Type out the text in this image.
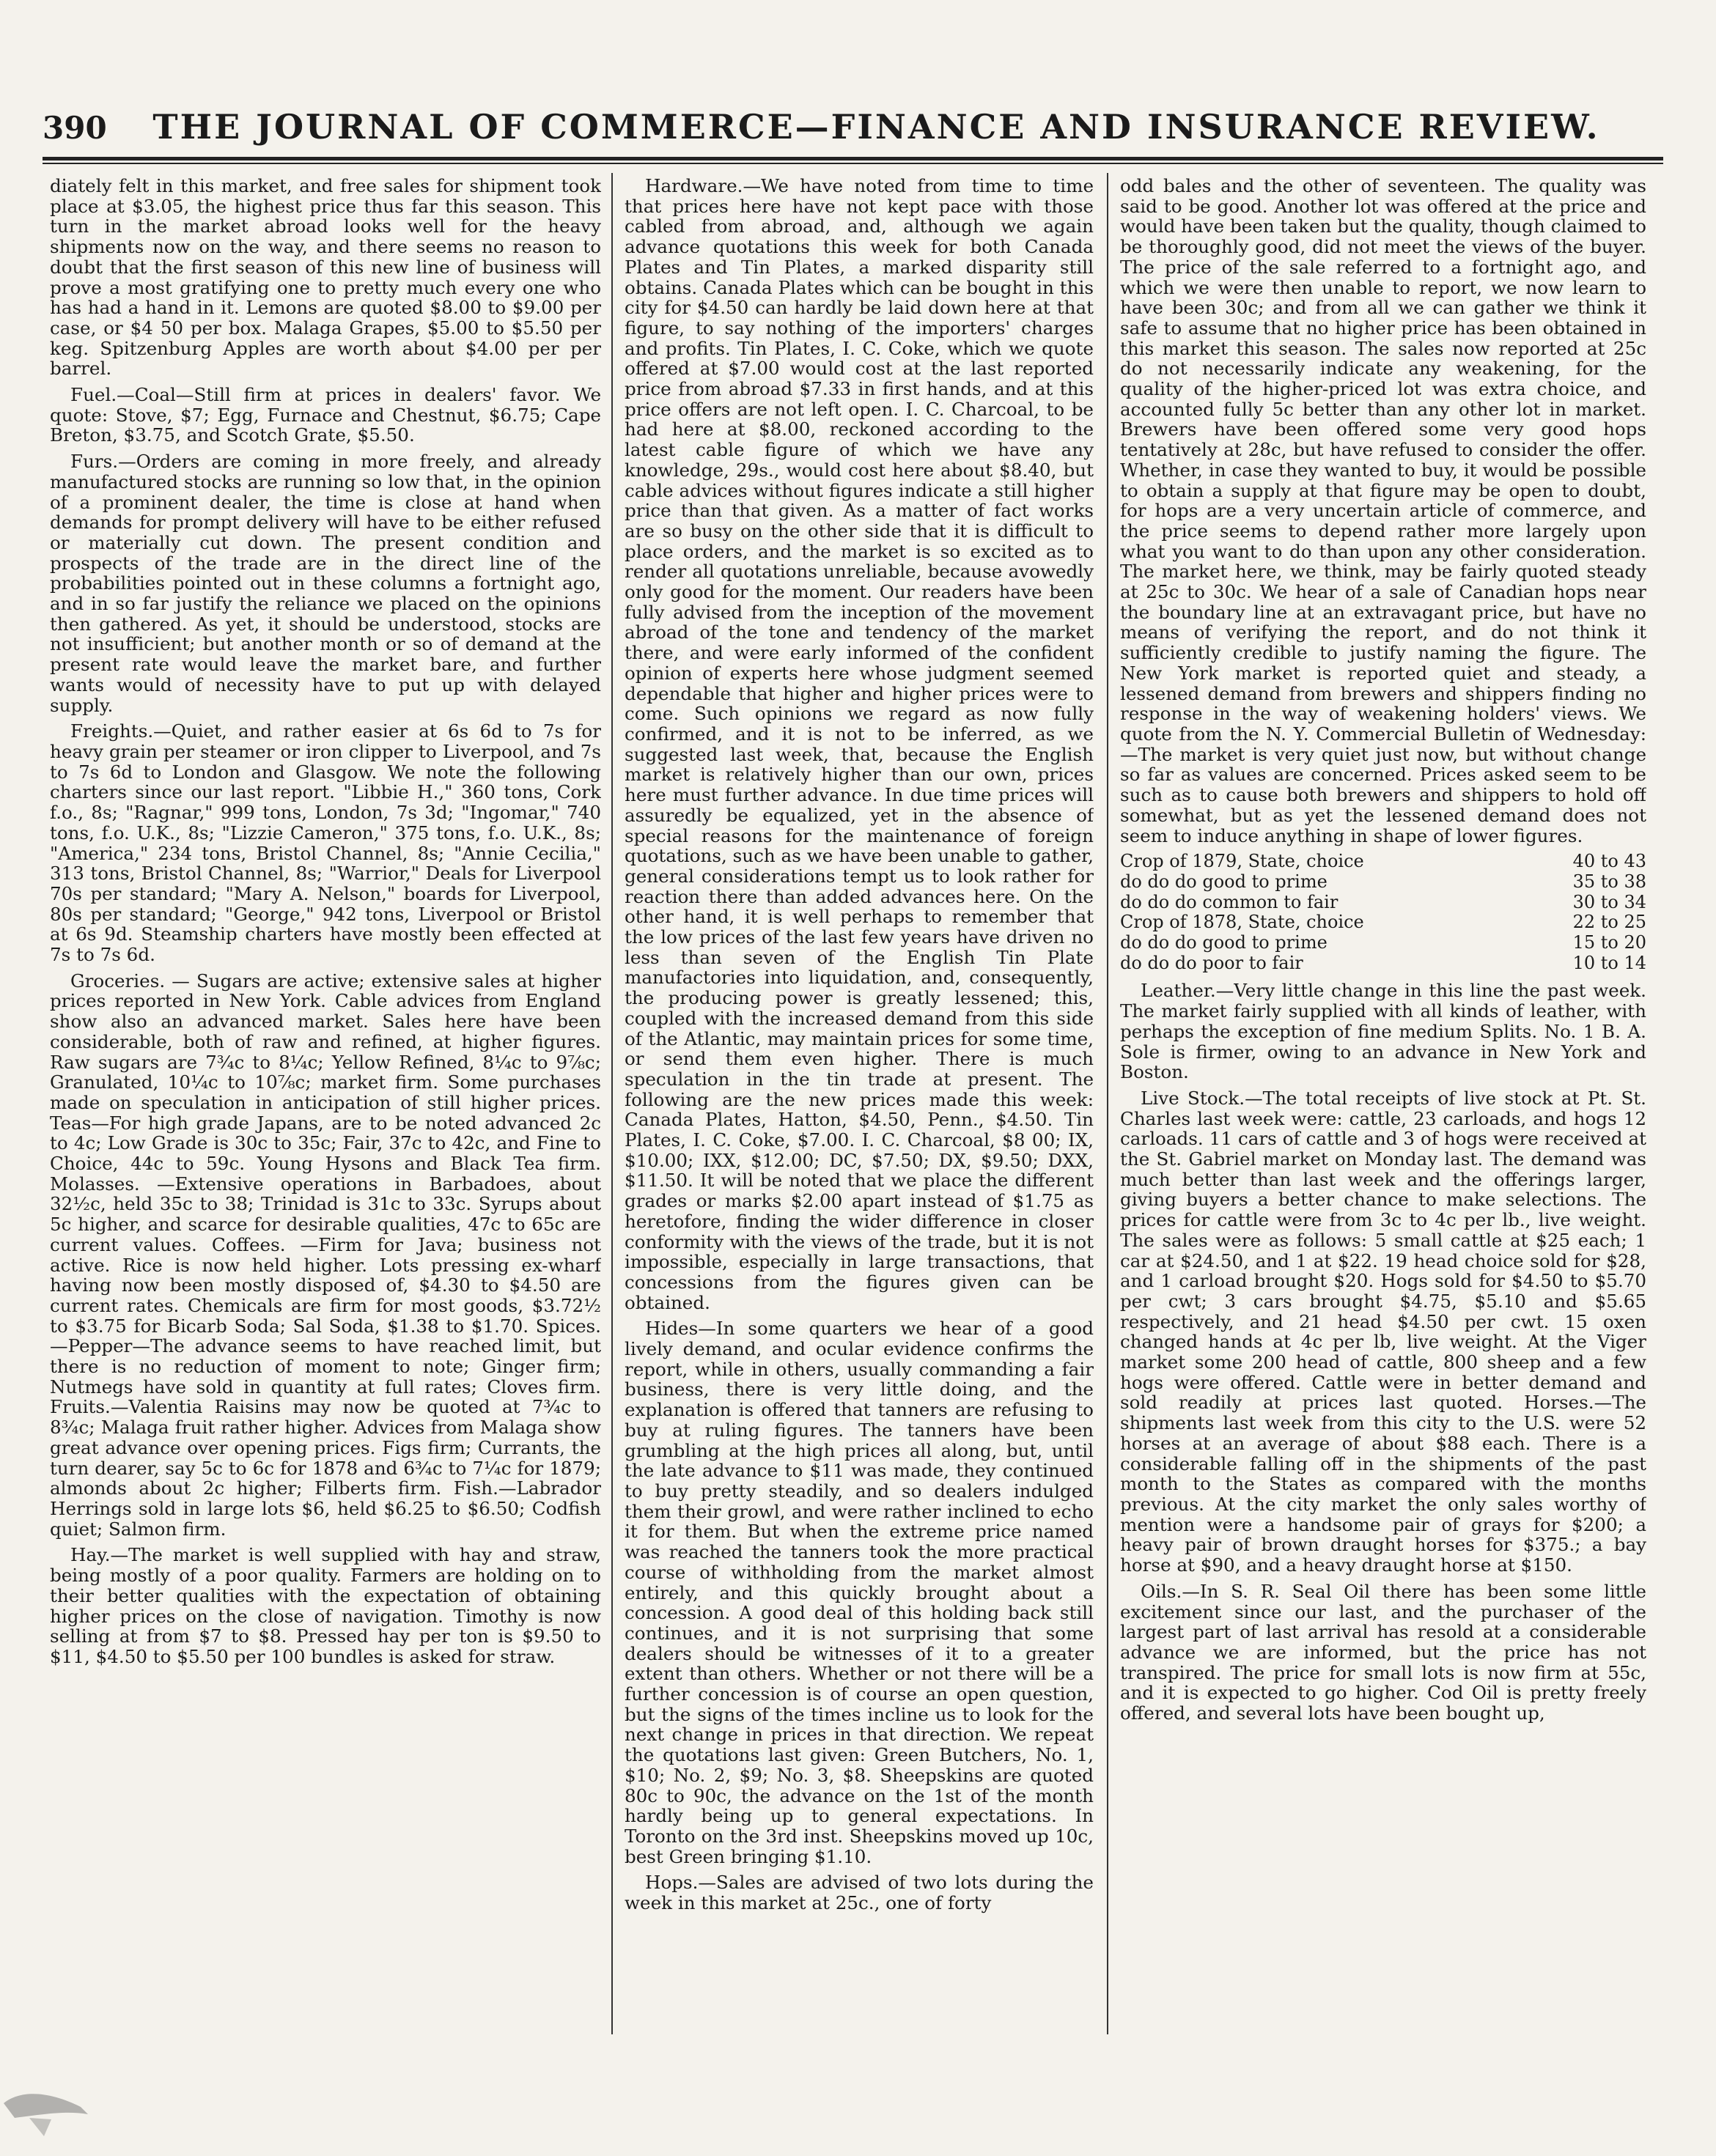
390	THE JOURNAL OF COMMERCE—FINANCE AND INSURANCE REVIEW.

diately felt in this market, and free sales for shipment took place at $3.05, the highest price thus far this season. This turn in the market abroad looks well for the heavy shipments now on the way, and there seems no reason to doubt that the first season of this new line of business will prove a most gratifying one to pretty much every one who has had a hand in it. Lemons are quoted $8.00 to $9.00 per case, or $4 50 per box. Malaga Grapes, $5.00 to $5.50 per keg. Spitzenburg Apples are worth about $4.00 per per barrel.

Fuel.—Coal—Still firm at prices in dealers' favor. We quote: Stove, $7; Egg, Furnace and Chestnut, $6.75; Cape Breton, $3.75, and Scotch Grate, $5.50.

Furs.—Orders are coming in more freely, and already manufactured stocks are running so low that, in the opinion of a prominent dealer, the time is close at hand when demands for prompt delivery will have to be either refused or materially cut down. The present condition and prospects of the trade are in the direct line of the probabilities pointed out in these columns a fortnight ago, and in so far justify the reliance we placed on the opinions then gathered. As yet, it should be understood, stocks are not insufficient; but another month or so of demand at the present rate would leave the market bare, and further wants would of necessity have to put up with delayed supply.

Freights.—Quiet, and rather easier at 6s 6d to 7s for heavy grain per steamer or iron clipper to Liverpool, and 7s to 7s 6d to London and Glasgow. We note the following charters since our last report. "Libbie H.," 360 tons, Cork f.o., 8s; "Ragnar," 999 tons, London, 7s 3d; "Ingomar," 740 tons, f.o. U.K., 8s; "Lizzie Cameron," 375 tons, f.o. U.K., 8s; "America," 234 tons, Bristol Channel, 8s; "Annie Cecilia," 313 tons, Bristol Channel, 8s; "Warrior," Deals for Liverpool 70s per standard; "Mary A. Nelson," boards for Liverpool, 80s per standard; "George," 942 tons, Liverpool or Bristol at 6s 9d. Steamship charters have mostly been effected at 7s to 7s 6d.

Groceries. — Sugars are active; extensive sales at higher prices reported in New York. Cable advices from England show also an advanced market. Sales here have been considerable, both of raw and refined, at higher figures. Raw sugars are 7¾c to 8¼c; Yellow Refined, 8¼c to 9⅞c; Granulated, 10¼c to 10⅞c; market firm. Some purchases made on speculation in anticipation of still higher prices. Teas—For high grade Japans, are to be noted advanced 2c to 4c; Low Grade is 30c to 35c; Fair, 37c to 42c, and Fine to Choice, 44c to 59c. Young Hysons and Black Tea firm. Molasses. —Extensive operations in Barbadoes, about 32½c, held 35c to 38; Trinidad is 31c to 33c. Syrups about 5c higher, and scarce for desirable qualities, 47c to 65c are current values. Coffees. —Firm for Java; business not active. Rice is now held higher. Lots pressing ex-wharf having now been mostly disposed of, $4.30 to $4.50 are current rates. Chemicals are firm for most goods, $3.72½ to $3.75 for Bicarb Soda; Sal Soda, $1.38 to $1.70. Spices.—Pepper—The advance seems to have reached limit, but there is no reduction of moment to note; Ginger firm; Nutmegs have sold in quantity at full rates; Cloves firm. Fruits.—Valentia Raisins may now be quoted at 7¾c to 8¾c; Malaga fruit rather higher. Advices from Malaga show great advance over opening prices. Figs firm; Currants, the turn dearer, say 5c to 6c for 1878 and 6¾c to 7¼c for 1879; almonds about 2c higher; Filberts firm. Fish.—Labrador Herrings sold in large lots $6, held $6.25 to $6.50; Codfish quiet; Salmon firm.

Hay.—The market is well supplied with hay and straw, being mostly of a poor quality. Farmers are holding on to their better qualities with the expectation of obtaining higher prices on the close of navigation. Timothy is now selling at from $7 to $8. Pressed hay per ton is $9.50 to $11, $4.50 to $5.50 per 100 bundles is asked for straw.

Hardware.—We have noted from time to time that prices here have not kept pace with those cabled from abroad, and, although we again advance quotations this week for both Canada Plates and Tin Plates, a marked disparity still obtains. Canada Plates which can be bought in this city for $4.50 can hardly be laid down here at that figure, to say nothing of the importers' charges and profits. Tin Plates, I. C. Coke, which we quote offered at $7.00 would cost at the last reported price from abroad $7.33 in first hands, and at this price offers are not left open. I. C. Charcoal, to be had here at $8.00, reckoned according to the latest cable figure of which we have any knowledge, 29s., would cost here about $8.40, but cable advices without figures indicate a still higher price than that given. As a matter of fact works are so busy on the other side that it is difficult to place orders, and the market is so excited as to render all quotations unreliable, because avowedly only good for the moment. Our readers have been fully advised from the inception of the movement abroad of the tone and tendency of the market there, and were early informed of the confident opinion of experts here whose judgment seemed dependable that higher and higher prices were to come. Such opinions we regard as now fully confirmed, and it is not to be inferred, as we suggested last week, that, because the English market is relatively higher than our own, prices here must further advance. In due time prices will assuredly be equalized, yet in the absence of special reasons for the maintenance of foreign quotations, such as we have been unable to gather, general considerations tempt us to look rather for reaction there than added advances here. On the other hand, it is well perhaps to remember that the low prices of the last few years have driven no less than seven of the English Tin Plate manufactories into liquidation, and, consequently, the producing power is greatly lessened; this, coupled with the increased demand from this side of the Atlantic, may maintain prices for some time, or send them even higher. There is much speculation in the tin trade at present. The following are the new prices made this week: Canada Plates, Hatton, $4.50, Penn., $4.50. Tin Plates, I. C. Coke, $7.00. I. C. Charcoal, $8 00; IX, $10.00; IXX, $12.00; DC, $7.50; DX, $9.50; DXX, $11.50. It will be noted that we place the different grades or marks $2.00 apart instead of $1.75 as heretofore, finding the wider difference in closer conformity with the views of the trade, but it is not impossible, especially in large transactions, that concessions from the figures given can be obtained.

Hides—In some quarters we hear of a good lively demand, and ocular evidence confirms the report, while in others, usually commanding a fair business, there is very little doing, and the explanation is offered that tanners are refusing to buy at ruling figures. The tanners have been grumbling at the high prices all along, but, until the late advance to $11 was made, they continued to buy pretty steadily, and so dealers indulged them their growl, and were rather inclined to echo it for them. But when the extreme price named was reached the tanners took the more practical course of withholding from the market almost entirely, and this quickly brought about a concession. A good deal of this holding back still continues, and it is not surprising that some dealers should be witnesses of it to a greater extent than others. Whether or not there will be a further concession is of course an open question, but the signs of the times incline us to look for the next change in prices in that direction. We repeat the quotations last given: Green Butchers, No. 1, $10; No. 2, $9; No. 3, $8. Sheepskins are quoted 80c to 90c, the advance on the 1st of the month hardly being up to general expectations. In Toronto on the 3rd inst. Sheepskins moved up 10c, best Green bringing $1.10.

Hops.—Sales are advised of two lots during the week in this market at 25c., one of forty

odd bales and the other of seventeen. The quality was said to be good. Another lot was offered at the price and would have been taken but the quality, though claimed to be thoroughly good, did not meet the views of the buyer. The price of the sale referred to a fortnight ago, and which we were then unable to report, we now learn to have been 30c; and from all we can gather we think it safe to assume that no higher price has been obtained in this market this season. The sales now reported at 25c do not necessarily indicate any weakening, for the quality of the higher-priced lot was extra choice, and accounted fully 5c better than any other lot in market. Brewers have been offered some very good hops tentatively at 28c, but have refused to consider the offer. Whether, in case they wanted to buy, it would be possible to obtain a supply at that figure may be open to doubt, for hops are a very uncertain article of commerce, and the price seems to depend rather more largely upon what you want to do than upon any other consideration. The market here, we think, may be fairly quoted steady at 25c to 30c. We hear of a sale of Canadian hops near the boundary line at an extravagant price, but have no means of verifying the report, and do not think it sufficiently credible to justify naming the figure. The New York market is reported quiet and steady, a lessened demand from brewers and shippers finding no response in the way of weakening holders' views. We quote from the N. Y. Commercial Bulletin of Wednesday:—The market is very quiet just now, but without change so far as values are concerned. Prices asked seem to be such as to cause both brewers and shippers to hold off somewhat, but as yet the lessened demand does not seem to induce anything in shape of lower figures.

Crop of 1879, State, choice	40 to 43
do do do good to prime	35 to 38
do do do common to fair	30 to 34
Crop of 1878, State, choice	22 to 25
do do do good to prime	15 to 20
do do do poor to fair	10 to 14

Leather.—Very little change in this line the past week. The market fairly supplied with all kinds of leather, with perhaps the exception of fine medium Splits. No. 1 B. A. Sole is firmer, owing to an advance in New York and Boston.

Live Stock.—The total receipts of live stock at Pt. St. Charles last week were: cattle, 23 carloads, and hogs 12 carloads. 11 cars of cattle and 3 of hogs were received at the St. Gabriel market on Monday last. The demand was much better than last week and the offerings larger, giving buyers a better chance to make selections. The prices for cattle were from 3c to 4c per lb., live weight. The sales were as follows: 5 small cattle at $25 each; 1 car at $24.50, and 1 at $22. 19 head choice sold for $28, and 1 carload brought $20. Hogs sold for $4.50 to $5.70 per cwt; 3 cars brought $4.75, $5.10 and $5.65 respectively, and 21 head $4.50 per cwt. 15 oxen changed hands at 4c per lb, live weight. At the Viger market some 200 head of cattle, 800 sheep and a few hogs were offered. Cattle were in better demand and sold readily at prices last quoted. Horses.—The shipments last week from this city to the U.S. were 52 horses at an average of about $88 each. There is a considerable falling off in the shipments of the past month to the States as compared with the months previous. At the city market the only sales worthy of mention were a handsome pair of grays for $200; a heavy pair of brown draught horses for $375.; a bay horse at $90, and a heavy draught horse at $150.

Oils.—In S. R. Seal Oil there has been some little excitement since our last, and the purchaser of the largest part of last arrival has resold at a considerable advance we are informed, but the price has not transpired. The price for small lots is now firm at 55c, and it is expected to go higher. Cod Oil is pretty freely offered, and several lots have been bought up,
